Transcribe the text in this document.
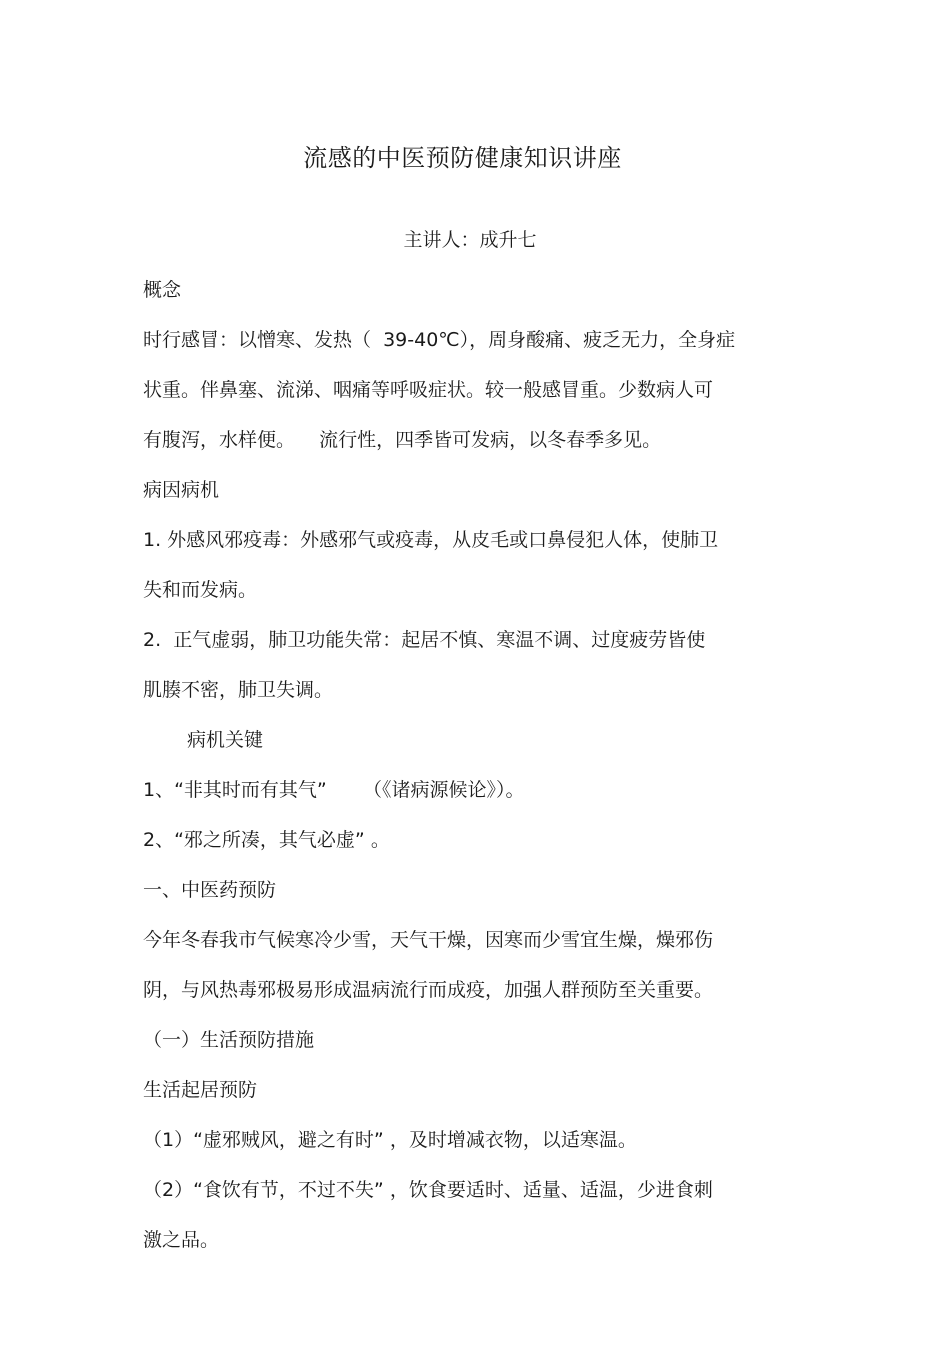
流感的中医预防健康知识讲座
主讲人：成升七
概念
时行感冒：以憎寒、发热（  39-40℃），周身酸痛、疲乏无力，全身症
状重。伴鼻塞、流涕、咽痛等呼吸症状。较一般感冒重。少数病人可
有腹泻，水样便。    流行性，四季皆可发病，以冬春季多见。
病因病机
1. 外感风邪疫毒：外感邪气或疫毒，从皮毛或口鼻侵犯人体，使肺卫
失和而发病。
2.  正气虚弱，肺卫功能失常：起居不慎、寒温不调、过度疲劳皆使
肌腠不密，肺卫失调。
病机关键
1、“非其时而有其气”      （《诸病源候论》）。
2、“邪之所凑，其气必虚” 。
一、中医药预防
今年冬春我市气候寒冷少雪，天气干燥，因寒而少雪宜生燥，燥邪伤
阴，与风热毒邪极易形成温病流行而成疫，加强人群预防至关重要。
（一）生活预防措施
生活起居预防
（1）“虚邪贼风，避之有时” ，及时增减衣物，以适寒温。
（2）“食饮有节，不过不失” ，饮食要适时、适量、适温，少进食刺
激之品。
